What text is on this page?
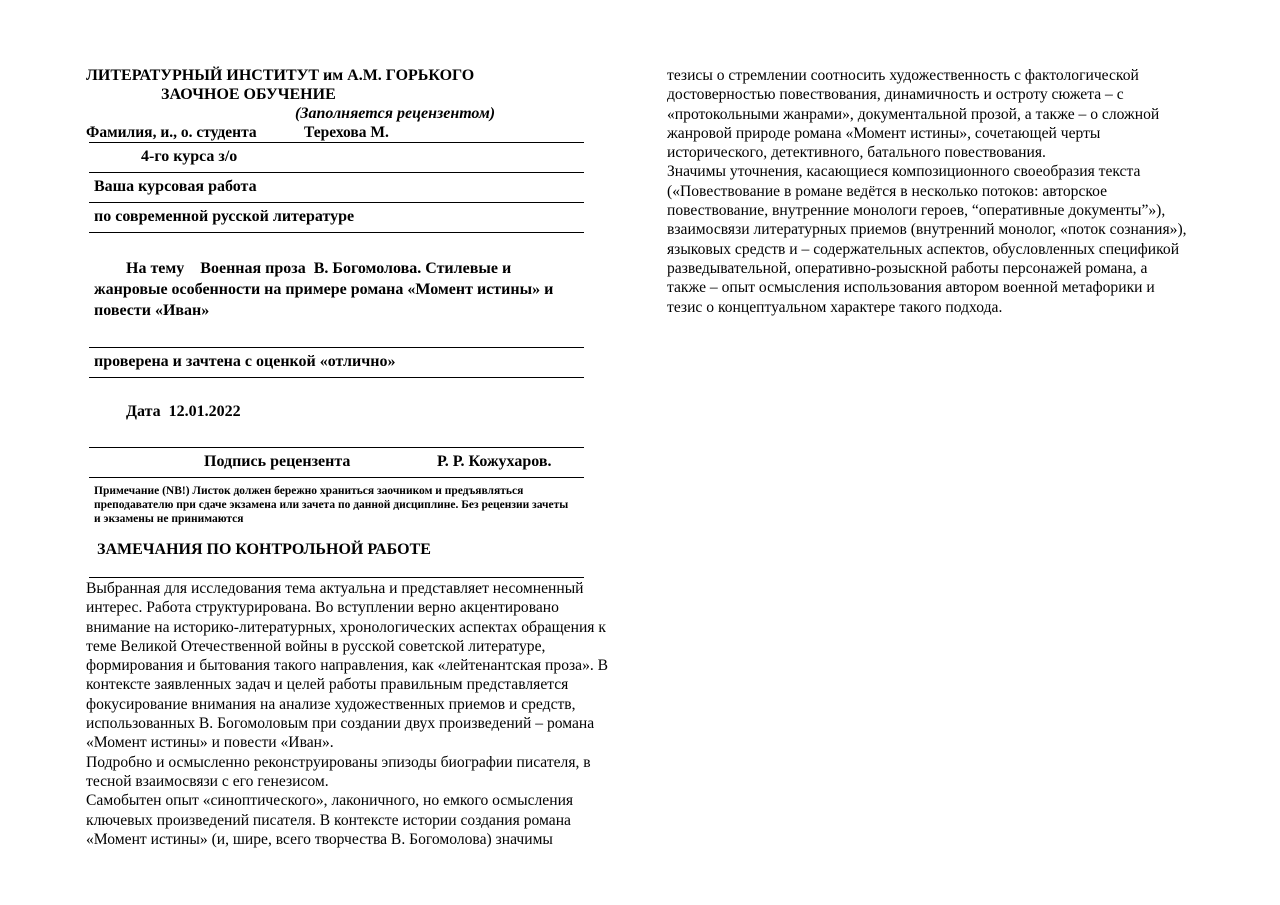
ЛИТЕРАТУРНЫЙ ИНСТИТУТ им А.М. ГОРЬКОГО
ЗАОЧНОЕ ОБУЧЕНИЕ
(Заполняется рецензентом)
Фамилия, и., о. студента	Терехова М.
4-го курса з/о
Ваша курсовая работа
по современной русской литературе

На тему    Военная проза  В. Богомолова. Стилевые и жанровые особенности на примере романа «Момент истины» и повести «Иван»

проверена и зачтена с оценкой «отлично»

Дата  12.01.2022

Подпись рецензента	Р. Р. Кожухаров.
Примечание (NB!) Листок должен бережно храниться заочником и предъявляться преподавателю при сдаче экзамена или зачета по данной дисциплине. Без рецензии зачеты и экзамены не принимаются
ЗАМЕЧАНИЯ ПО КОНТРОЛЬНОЙ РАБОТЕ

Выбранная для исследования тема актуальна и представляет несомненный интерес. Работа структурирована. Во вступлении верно акцентировано внимание на историко-литературных, хронологических аспектах обращения к теме Великой Отечественной войны в русской советской литературе, формирования и бытования такого направления, как «лейтенантская проза». В контексте заявленных задач и целей работы правильным представляется фокусирование внимания на анализе художественных приемов и средств, использованных В. Богомоловым при создании двух произведений – романа «Момент истины» и повести «Иван».

Подробно и осмысленно реконструированы эпизоды биографии писателя, в тесной взаимосвязи с его генезисом.

Самобытен опыт «синоптического», лаконичного, но емкого осмысления ключевых произведений писателя. В контексте истории создания романа «Момент истины» (и, шире, всего творчества В. Богомолова) значимы

тезисы о стремлении соотносить художественность с фактологической достоверностью повествования, динамичность и остроту сюжета – с «протокольными жанрами», документальной прозой, а также – о сложной жанровой природе романа «Момент истины», сочетающей черты исторического, детективного, батального повествования.

Значимы уточнения, касающиеся композиционного своеобразия текста («Повествование в романе ведётся в несколько потоков: авторское повествование, внутренние монологи героев, “оперативные документы”»), взаимосвязи литературных приемов (внутренний монолог, «поток сознания»), языковых средств и – содержательных аспектов, обусловленных спецификой разведывательной, оперативно-розыскной работы персонажей романа, а также – опыт осмысления использования автором военной метафорики и тезис о концептуальном характере такого подхода.
